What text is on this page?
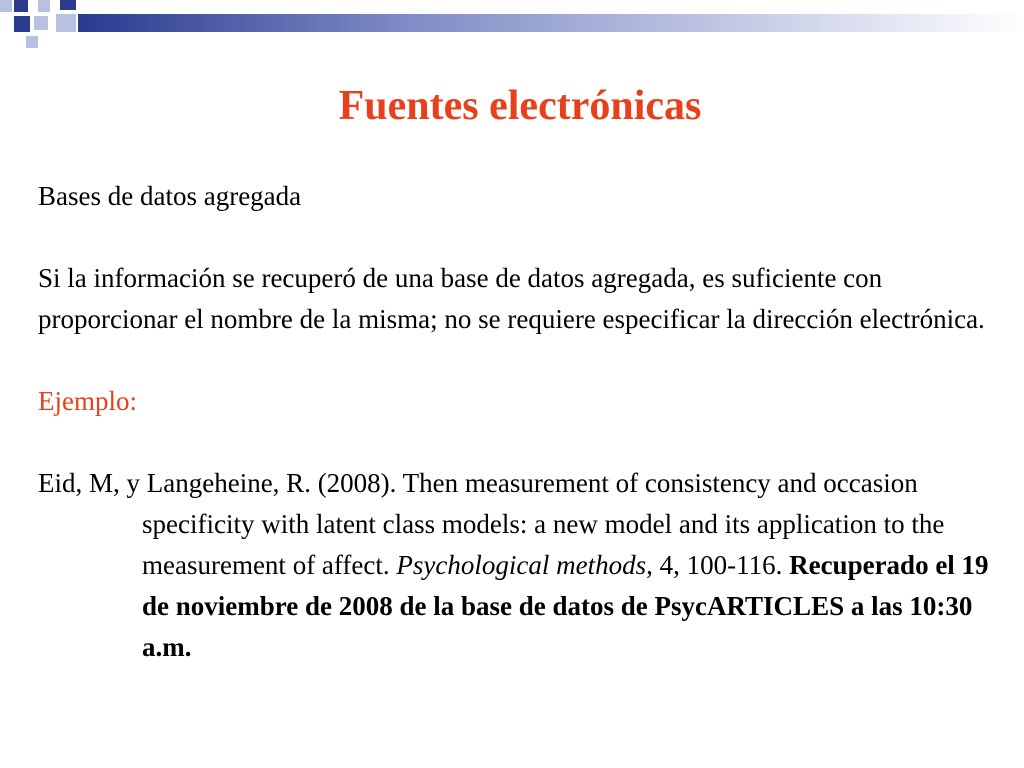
Fuentes electrónicas

Bases de datos agregada

Si la información se recuperó de una base de datos agregada, es suficiente con proporcionar el nombre de la misma; no se requiere especificar la dirección electrónica.

Ejemplo:

Eid, M, y Langeheine, R. (2008). Then measurement of consistency and occasion specificity with latent class models: a new model and its application to the measurement of affect. Psychological methods, 4, 100-116. Recuperado el 19 de noviembre de 2008 de la base de datos de PsycARTICLES a las 10:30 a.m.
